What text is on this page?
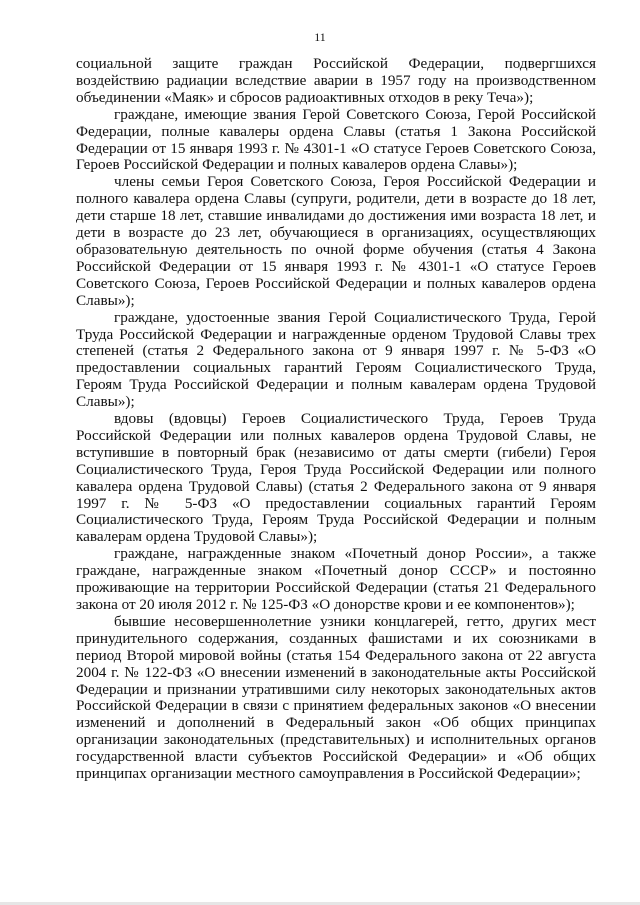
11

социальной защите граждан Российской Федерации, подвергшихся воздействию радиации вследствие аварии в 1957 году на производственном объединении «Маяк» и сбросов радиоактивных отходов в реку Теча»);

граждане, имеющие звания Герой Советского Союза, Герой Российской Федерации, полные кавалеры ордена Славы (статья 1 Закона Российской Федерации от 15 января 1993 г. № 4301-1 «О статусе Героев Советского Союза, Героев Российской Федерации и полных кавалеров ордена Славы»);

члены семьи Героя Советского Союза, Героя Российской Федерации и полного кавалера ордена Славы (супруги, родители, дети в возрасте до 18 лет, дети старше 18 лет, ставшие инвалидами до достижения ими возраста 18 лет, и дети в возрасте до 23 лет, обучающиеся в организациях, осуществляющих образовательную деятельность по очной форме обучения (статья 4 Закона Российской Федерации от 15 января 1993 г. № 4301-1 «О статусе Героев Советского Союза, Героев Российской Федерации и полных кавалеров ордена Славы»);

граждане, удостоенные звания Герой Социалистического Труда, Герой Труда Российской Федерации и награжденные орденом Трудовой Славы трех степеней (статья 2 Федерального закона от 9 января 1997 г. № 5-ФЗ «О предоставлении социальных гарантий Героям Социалистического Труда, Героям Труда Российской Федерации и полным кавалерам ордена Трудовой Славы»);

вдовы (вдовцы) Героев Социалистического Труда, Героев Труда Российской Федерации или полных кавалеров ордена Трудовой Славы, не вступившие в повторный брак (независимо от даты смерти (гибели) Героя Социалистического Труда, Героя Труда Российской Федерации или полного кавалера ордена Трудовой Славы) (статья 2 Федерального закона от 9 января 1997 г. № 5-ФЗ «О предоставлении социальных гарантий Героям Социалистического Труда, Героям Труда Российской Федерации и полным кавалерам ордена Трудовой Славы»);

граждане, награжденные знаком «Почетный донор России», а также граждане, награжденные знаком «Почетный донор СССР» и постоянно проживающие на территории Российской Федерации (статья 21 Федерального закона от 20 июля 2012 г. № 125-ФЗ «О донорстве крови и ее компонентов»);

бывшие несовершеннолетние узники концлагерей, гетто, других мест принудительного содержания, созданных фашистами и их союзниками в период Второй мировой войны (статья 154 Федерального закона от 22 августа 2004 г. № 122-ФЗ «О внесении изменений в законодательные акты Российской Федерации и признании утратившими силу некоторых законодательных актов Российской Федерации в связи с принятием федеральных законов «О внесении изменений и дополнений в Федеральный закон «Об общих принципах организации законодательных (представительных) и исполнительных органов государственной власти субъектов Российской Федерации» и «Об общих принципах организации местного самоуправления в Российской Федерации»;
